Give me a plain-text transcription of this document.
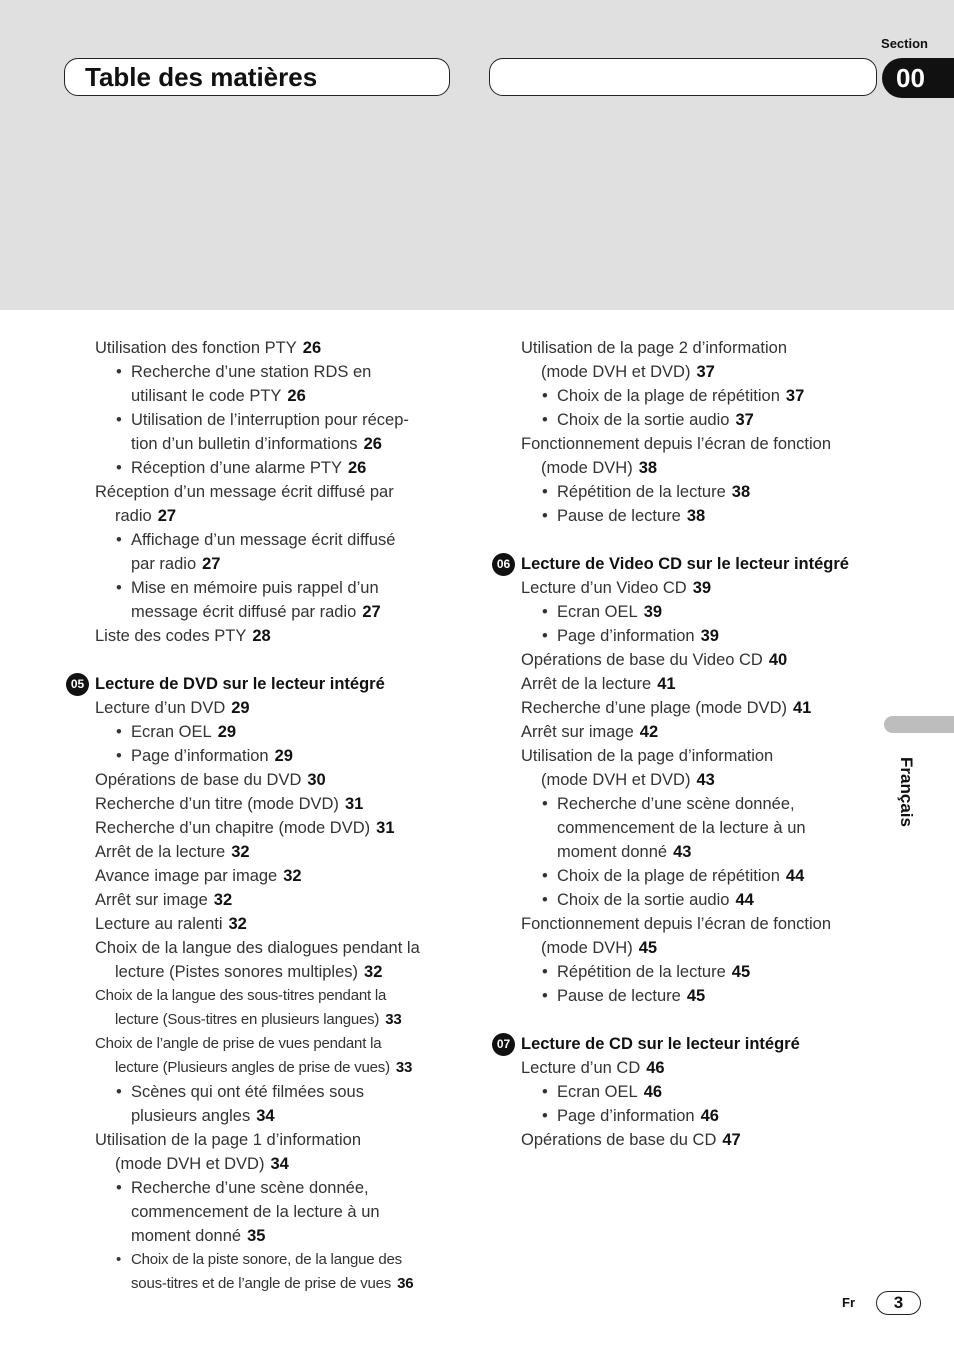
Section
Table des matières	00
Utilisation des fonction PTY 26
• Recherche d’une station RDS en
utilisant le code PTY 26
• Utilisation de l’interruption pour récep-
tion d’un bulletin d’informations 26
• Réception d’une alarme PTY 26
Réception d’un message écrit diffusé par
radio 27
• Affichage d’un message écrit diffusé
par radio 27
• Mise en mémoire puis rappel d’un
message écrit diffusé par radio 27
Liste des codes PTY 28
05 Lecture de DVD sur le lecteur intégré
Lecture d’un DVD 29
• Ecran OEL 29
• Page d’information 29
Opérations de base du DVD 30
Recherche d’un titre (mode DVD) 31
Recherche d’un chapitre (mode DVD) 31
Arrêt de la lecture 32
Avance image par image 32
Arrêt sur image 32
Lecture au ralenti 32
Choix de la langue des dialogues pendant la
lecture (Pistes sonores multiples) 32
Choix de la langue des sous-titres pendant la
lecture (Sous-titres en plusieurs langues) 33
Choix de l’angle de prise de vues pendant la
lecture (Plusieurs angles de prise de vues) 33
• Scènes qui ont été filmées sous
plusieurs angles 34
Utilisation de la page 1 d’information
(mode DVH et DVD) 34
• Recherche d’une scène donnée,
commencement de la lecture à un
moment donné 35
• Choix de la piste sonore, de la langue des
sous-titres et de l’angle de prise de vues 36
Utilisation de la page 2 d’information
(mode DVH et DVD) 37
• Choix de la plage de répétition 37
• Choix de la sortie audio 37
Fonctionnement depuis l’écran de fonction
(mode DVH) 38
• Répétition de la lecture 38
• Pause de lecture 38
06 Lecture de Video CD sur le lecteur intégré
Lecture d’un Video CD 39
• Ecran OEL 39
• Page d’information 39
Opérations de base du Video CD 40
Arrêt de la lecture 41
Recherche d’une plage (mode DVD) 41
Arrêt sur image 42
Utilisation de la page d’information
(mode DVH et DVD) 43
• Recherche d’une scène donnée,
commencement de la lecture à un
moment donné 43
• Choix de la plage de répétition 44
• Choix de la sortie audio 44
Fonctionnement depuis l’écran de fonction
(mode DVH) 45
• Répétition de la lecture 45
• Pause de lecture 45
07 Lecture de CD sur le lecteur intégré
Lecture d’un CD 46
• Ecran OEL 46
• Page d’information 46
Opérations de base du CD 47
Français
Fr	3
